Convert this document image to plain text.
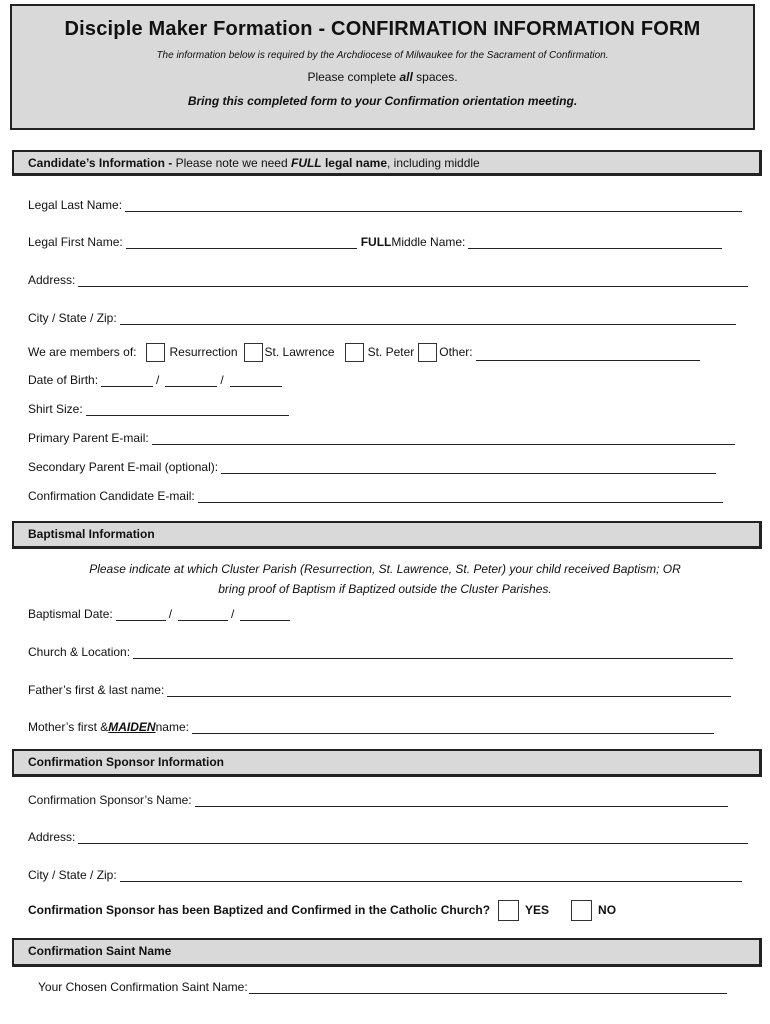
Disciple Maker Formation - CONFIRMATION INFORMATION FORM
The information below is required by the Archdiocese of Milwaukee for the Sacrament of Confirmation.
Please complete all spaces.
Bring this completed form to your Confirmation orientation meeting.
Candidate’s Information - Please note we need FULL legal name, including middle
Legal Last Name:
Legal First Name:	FULL Middle Name:
Address:
City / State / Zip:
We are members of:	Resurrection St. Lawrence	St. Peter Other:
Date of Birth:	/	/
Shirt Size:
Primary Parent E-mail:
Secondary Parent E-mail (optional):
Confirmation Candidate E-mail:
Baptismal Information
Please indicate at which Cluster Parish (Resurrection, St. Lawrence, St. Peter) your child received Baptism; OR
bring proof of Baptism if Baptized outside the Cluster Parishes.
Baptismal Date:	/	/
Church & Location:
Father’s first & last name:
Mother’s first & MAIDEN name:
Confirmation Sponsor Information
Confirmation Sponsor’s Name:
Address:
City / State / Zip:
Confirmation Sponsor has been Baptized and Confirmed in the Catholic Church?	YES	NO
Confirmation Saint Name
Your Chosen Confirmation Saint Name:
